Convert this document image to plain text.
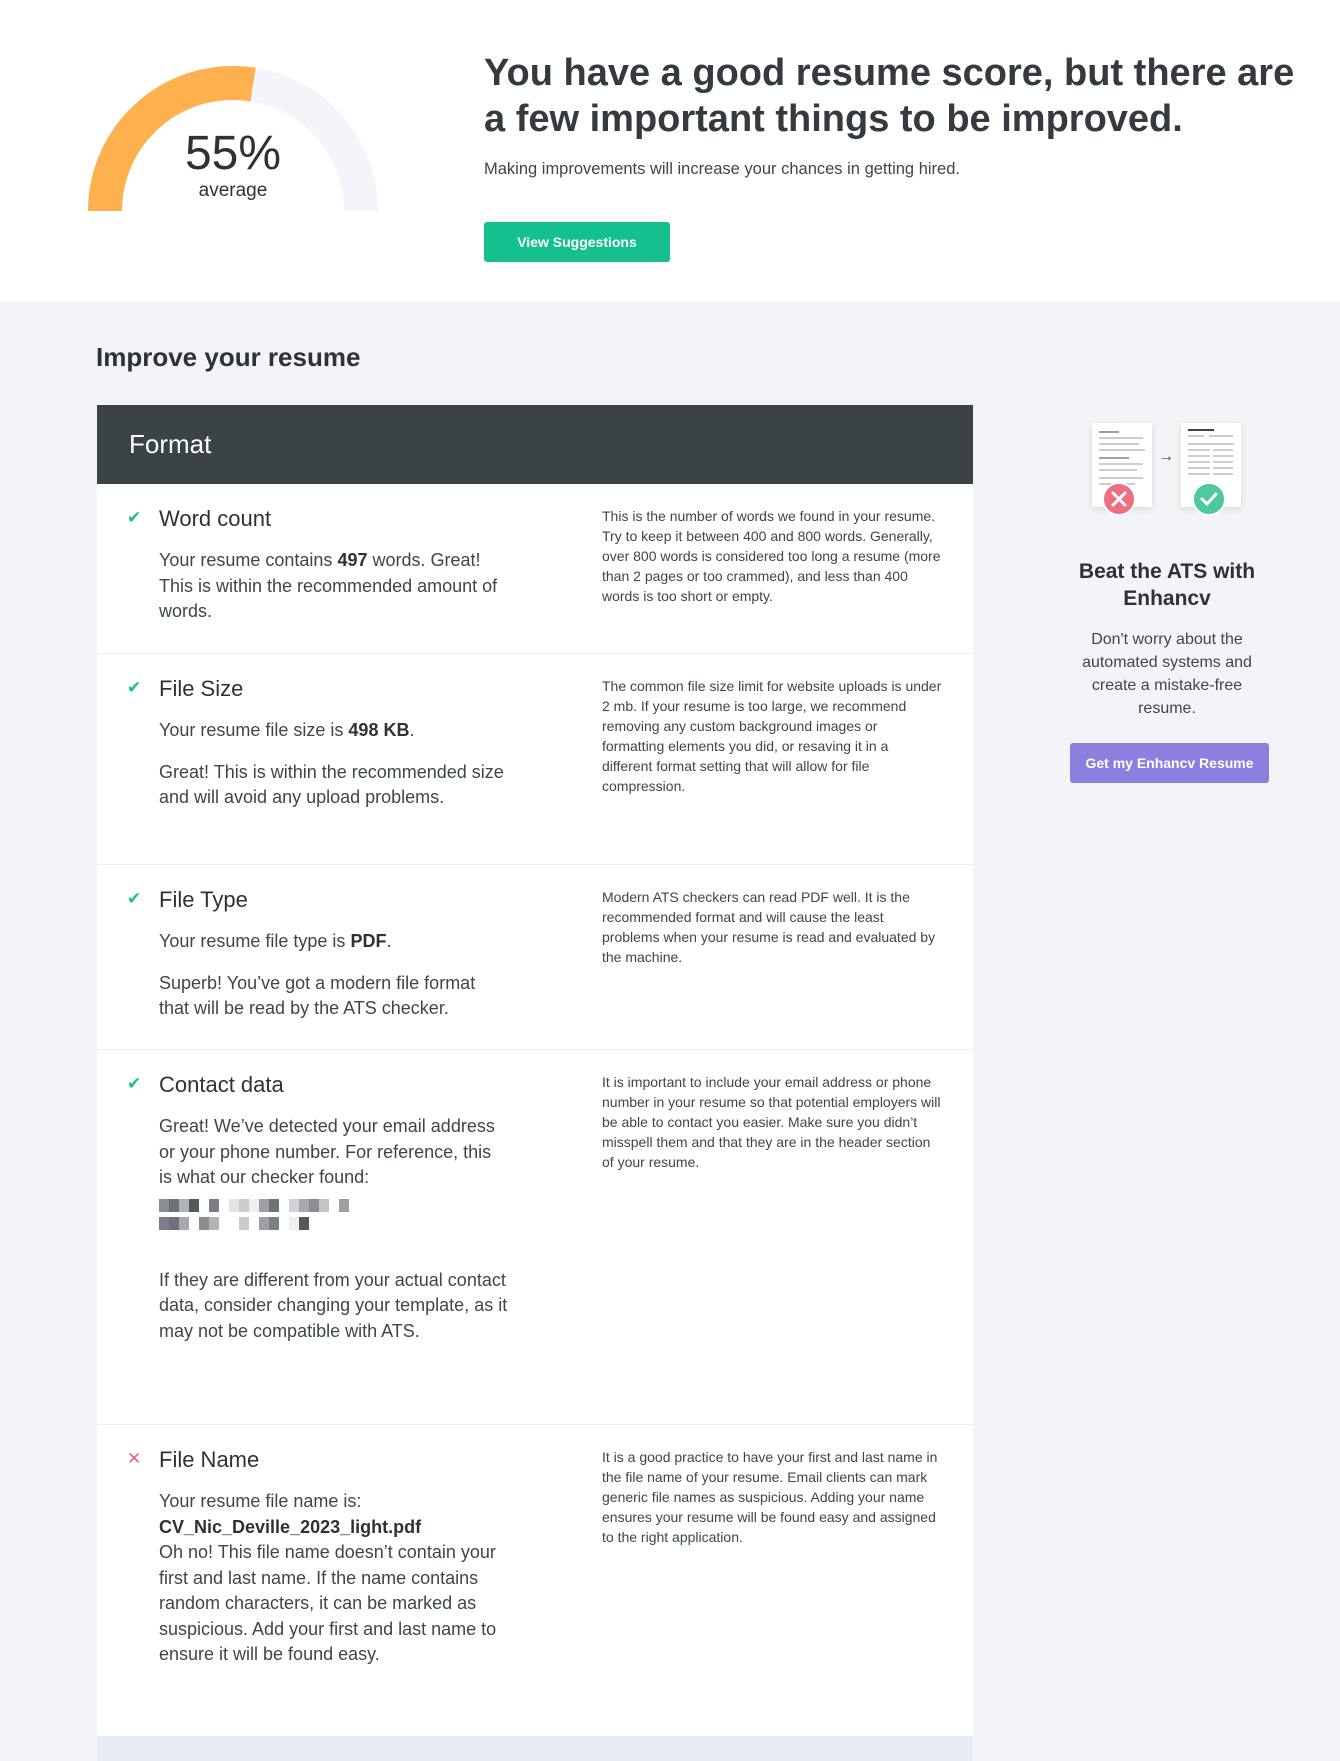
55%
average
You have a good resume score, but there are a few important things to be improved.

Making improvements will increase your chances in getting hired.

View Suggestions
Improve your resume
Format
✔ Word count

Your resume contains 497 words. Great! This is within the recommended amount of words.

This is the number of words we found in your resume. Try to keep it between 400 and 800 words. Generally, over 800 words is considered too long a resume (more than 2 pages or too crammed), and less than 400 words is too short or empty.
✔ File Size

Your resume file size is 498 KB.

Great! This is within the recommended size and will avoid any upload problems.

The common file size limit for website uploads is under 2 mb. If your resume is too large, we recommend removing any custom background images or formatting elements you did, or resaving it in a different format setting that will allow for file compression.
✔ File Type

Your resume file type is PDF.

Superb! You’ve got a modern file format that will be read by the ATS checker.

Modern ATS checkers can read PDF well. It is the recommended format and will cause the least problems when your resume is read and evaluated by the machine.
✔ Contact data

Great! We’ve detected your email address or your phone number. For reference, this is what our checker found:

If they are different from your actual contact data, consider changing your template, as it may not be compatible with ATS.

It is important to include your email address or phone number in your resume so that potential employers will be able to contact you easier. Make sure you didn’t misspell them and that they are in the header section of your resume.
✕ File Name
Your resume file name is:
CV_Nic_Deville_2023_light.pdf
Oh no! This file name doesn’t contain your first and last name. If the name contains random characters, it can be marked as suspicious. Add your first and last name to ensure it will be found easy.
It is a good practice to have your first and last name in the file name of your resume. Email clients can mark generic file names as suspicious. Adding your name ensures your resume will be found easy and assigned to the right application.
→
Beat the ATS with Enhancv

Don't worry about the automated systems and create a mistake-free resume.

Get my Enhancv Resume
